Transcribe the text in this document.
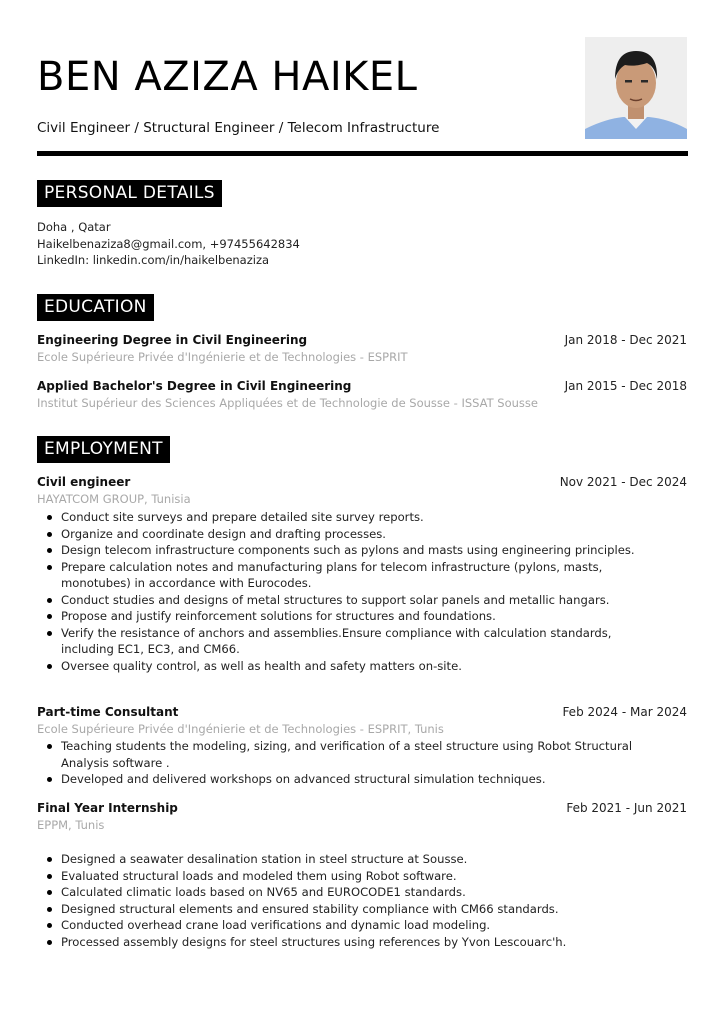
BEN AZIZA HAIKEL
Civil Engineer / Structural Engineer / Telecom Infrastructure
PERSONAL DETAILS
Doha , Qatar
Haikelbenaziza8@gmail.com, +97455642834
LinkedIn: linkedin.com/in/haikelbenaziza
EDUCATION
Engineering Degree in Civil Engineering	Jan 2018 - Dec 2021
Ecole Supérieure Privée d'Ingénierie et de Technologies - ESPRIT
Applied Bachelor's Degree in Civil Engineering	Jan 2015 - Dec 2018
Institut Supérieur des Sciences Appliquées et de Technologie de Sousse - ISSAT Sousse
EMPLOYMENT
Civil engineer	Nov 2021 - Dec 2024
HAYATCOM GROUP, Tunisia
Conduct site surveys and prepare detailed site survey reports.
Organize and coordinate design and drafting processes.
Design telecom infrastructure components such as pylons and masts using engineering principles.
Prepare calculation notes and manufacturing plans for telecom infrastructure (pylons, masts, monotubes) in accordance with Eurocodes.
Conduct studies and designs of metal structures to support solar panels and metallic hangars.
Propose and justify reinforcement solutions for structures and foundations.
Verify the resistance of anchors and assemblies.Ensure compliance with calculation standards, including EC1, EC3, and CM66.
Oversee quality control, as well as health and safety matters on-site.
Part-time Consultant	Feb 2024 - Mar 2024
Ecole Supérieure Privée d'Ingénierie et de Technologies - ESPRIT, Tunis
Teaching students the modeling, sizing, and verification of a steel structure using Robot Structural Analysis software .
Developed and delivered workshops on advanced structural simulation techniques.
Final Year Internship	Feb 2021 - Jun 2021
EPPM, Tunis
Designed a seawater desalination station in steel structure at Sousse.
Evaluated structural loads and modeled them using Robot software.
Calculated climatic loads based on NV65 and EUROCODE1 standards.
Designed structural elements and ensured stability compliance with CM66 standards.
Conducted overhead crane load verifications and dynamic load modeling.
Processed assembly designs for steel structures using references by Yvon Lescouarc'h.
